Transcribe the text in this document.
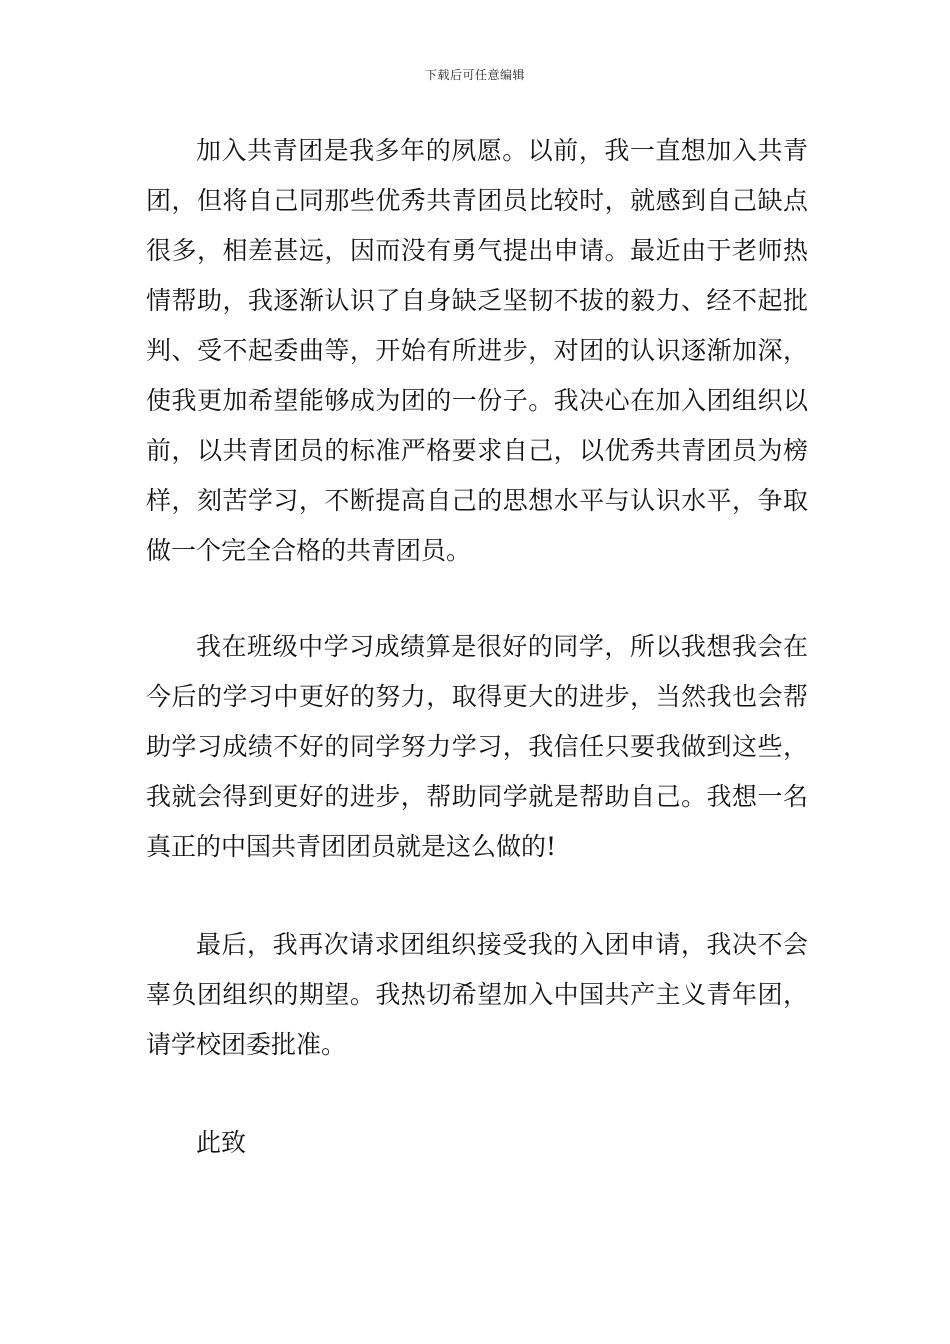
下载后可任意编辑

加入共青团是我多年的夙愿。以前，我一直想加入共青团，但将自己同那些优秀共青团员比较时，就感到自己缺点很多，相差甚远，因而没有勇气提出申请。最近由于老师热情帮助，我逐渐认识了自身缺乏坚韧不拔的毅力、经不起批判、受不起委曲等，开始有所进步，对团的认识逐渐加深，使我更加希望能够成为团的一份子。我决心在加入团组织以前，以共青团员的标准严格要求自己，以优秀共青团员为榜样，刻苦学习，不断提高自己的思想水平与认识水平，争取做一个完全合格的共青团员。

我在班级中学习成绩算是很好的同学，所以我想我会在今后的学习中更好的努力，取得更大的进步，当然我也会帮助学习成绩不好的同学努力学习，我信任只要我做到这些，我就会得到更好的进步，帮助同学就是帮助自己。我想一名真正的中国共青团团员就是这么做的!

最后，我再次请求团组织接受我的入团申请，我决不会辜负团组织的期望。我热切希望加入中国共产主义青年团，请学校团委批准。

此致
